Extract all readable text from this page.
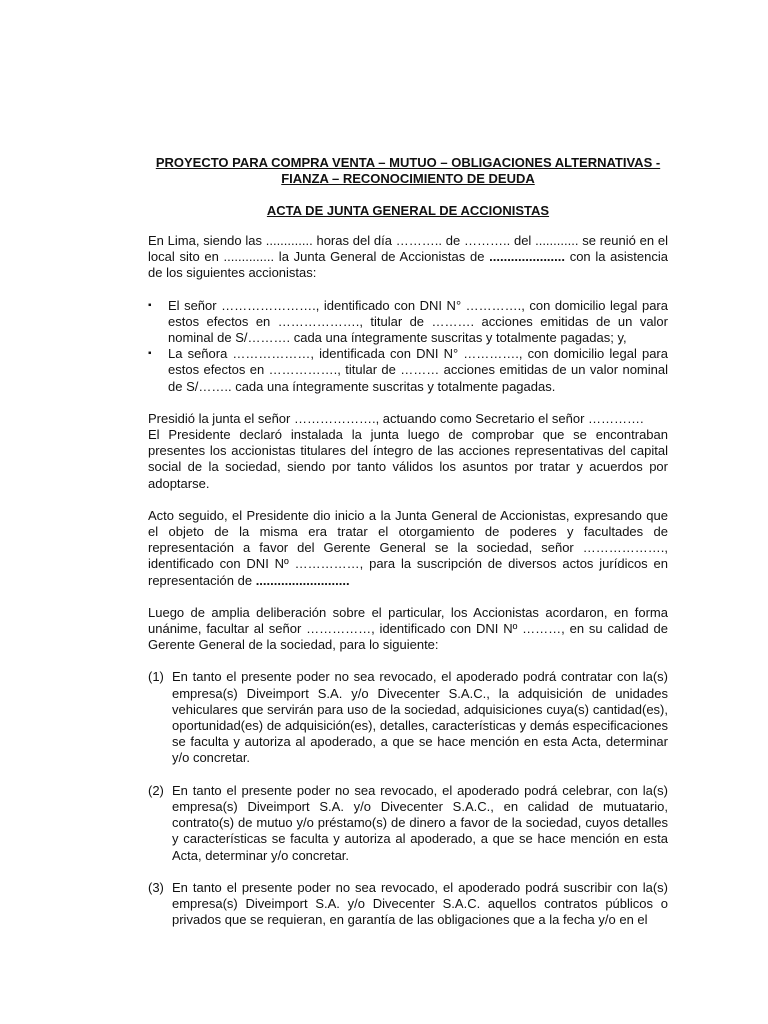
PROYECTO PARA COMPRA VENTA – MUTUO – OBLIGACIONES ALTERNATIVAS - FIANZA – RECONOCIMIENTO DE DEUDA

ACTA DE JUNTA GENERAL DE ACCIONISTAS

En Lima, siendo las ............. horas del día ……….. de ……….. del ............ se reunió en el local sito en .............. la Junta General de Accionistas de ..................... con la asistencia de los siguientes accionistas:

▪ El señor …………………., identificado con DNI N° …………., con domicilio legal para estos efectos en ………………., titular de ………. acciones emitidas de un valor nominal de S/………. cada una íntegramente suscritas y totalmente pagadas; y,
▪ La señora ………………, identificada con DNI N° …………., con domicilio legal para estos efectos en ……………., titular de ……… acciones emitidas de un valor nominal de S/…….. cada una íntegramente suscritas y totalmente pagadas.

Presidió la junta el señor ………………., actuando como Secretario el señor ………….

El Presidente declaró instalada la junta luego de comprobar que se encontraban presentes los accionistas titulares del íntegro de las acciones representativas del capital social de la sociedad, siendo por tanto válidos los asuntos por tratar y acuerdos por adoptarse.

Acto seguido, el Presidente dio inicio a la Junta General de Accionistas, expresando que el objeto de la misma era tratar el otorgamiento de poderes y facultades de representación a favor del Gerente General se la sociedad, señor ………………., identificado con DNI Nº ……………, para la suscripción de diversos actos jurídicos en representación de ..........................

Luego de amplia deliberación sobre el particular, los Accionistas acordaron, en forma unánime, facultar al señor ……………, identificado con DNI Nº ………, en su calidad de Gerente General de la sociedad, para lo siguiente:

(1) En tanto el presente poder no sea revocado, el apoderado podrá contratar con la(s) empresa(s) Diveimport S.A. y/o Divecenter S.A.C., la adquisición de unidades vehiculares que servirán para uso de la sociedad, adquisiciones cuya(s) cantidad(es), oportunidad(es) de adquisición(es), detalles, características y demás especificaciones se faculta y autoriza al apoderado, a que se hace mención en esta Acta, determinar y/o concretar.
(2) En tanto el presente poder no sea revocado, el apoderado podrá celebrar, con la(s) empresa(s) Diveimport S.A. y/o Divecenter S.A.C., en calidad de mutuatario, contrato(s) de mutuo y/o préstamo(s) de dinero a favor de la sociedad, cuyos detalles y características se faculta y autoriza al apoderado, a que se hace mención en esta Acta, determinar y/o concretar.
(3) En tanto el presente poder no sea revocado, el apoderado podrá suscribir con la(s) empresa(s) Diveimport S.A. y/o Divecenter S.A.C. aquellos contratos públicos o privados que se requieran, en garantía de las obligaciones que a la fecha y/o en el
